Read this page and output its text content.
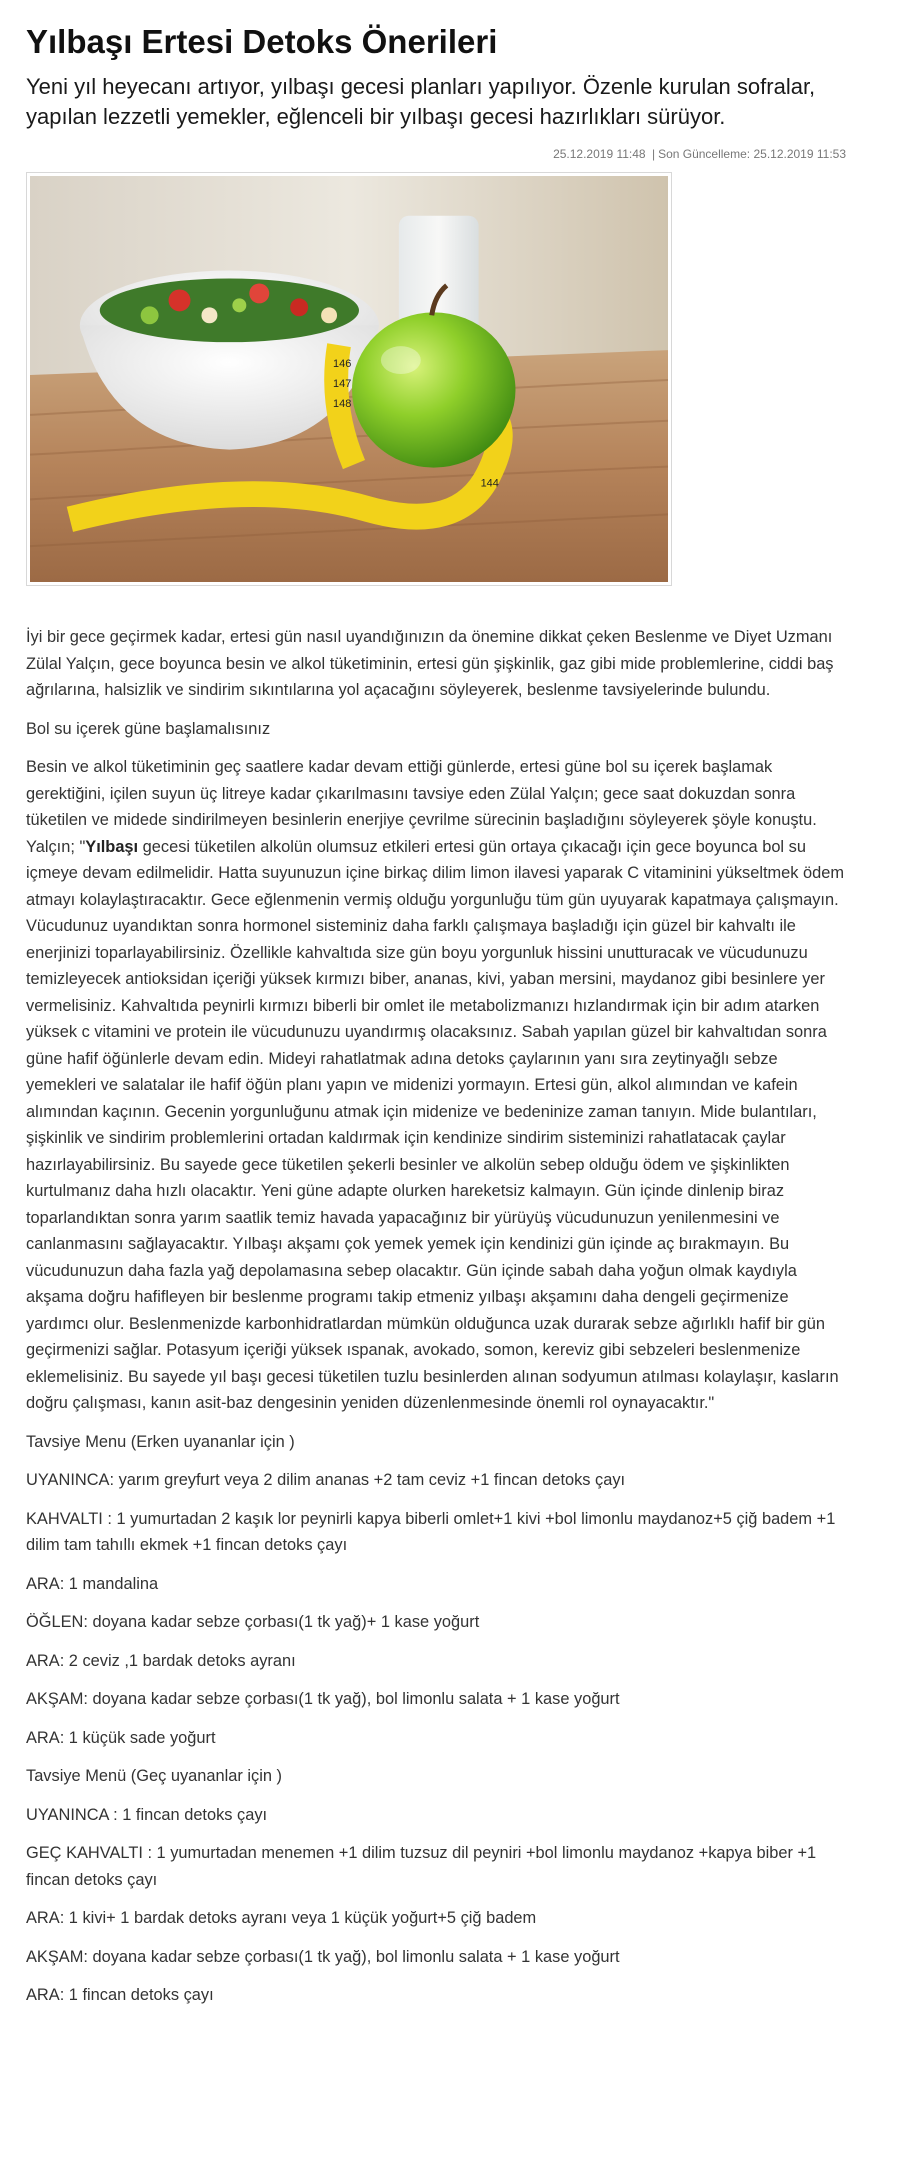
Yılbaşı Ertesi Detoks Önerileri
Yeni yıl heyecanı artıyor, yılbaşı gecesi planları yapılıyor. Özenle kurulan sofralar, yapılan lezzetli yemekler, eğlenceli bir yılbaşı gecesi hazırlıkları sürüyor.
25.12.2019 11:48 | Son Güncelleme: 25.12.2019 11:53
146
147
148
144

İyi bir gece geçirmek kadar, ertesi gün nasıl uyandığınızın da önemine dikkat çeken Beslenme ve Diyet Uzmanı Zülal Yalçın, gece boyunca besin ve alkol tüketiminin, ertesi gün şişkinlik, gaz gibi mide problemlerine, ciddi baş ağrılarına, halsizlik ve sindirim sıkıntılarına yol açacağını söyleyerek, beslenme tavsiyelerinde bulundu.

Bol su içerek güne başlamalısınız

Besin ve alkol tüketiminin geç saatlere kadar devam ettiği günlerde, ertesi güne bol su içerek başlamak gerektiğini, içilen suyun üç litreye kadar çıkarılmasını tavsiye eden Zülal Yalçın; gece saat dokuzdan sonra tüketilen ve midede sindirilmeyen besinlerin enerjiye çevrilme sürecinin başladığını söyleyerek şöyle konuştu. Yalçın; "Yılbaşı gecesi tüketilen alkolün olumsuz etkileri ertesi gün ortaya çıkacağı için gece boyunca bol su içmeye devam edilmelidir. Hatta suyunuzun içine birkaç dilim limon ilavesi yaparak C vitaminini yükseltmek ödem atmayı kolaylaştıracaktır. Gece eğlenmenin vermiş olduğu yorgunluğu tüm gün uyuyarak kapatmaya çalışmayın. Vücudunuz uyandıktan sonra hormonel sisteminiz daha farklı çalışmaya başladığı için güzel bir kahvaltı ile enerjinizi toparlayabilirsiniz. Özellikle kahvaltıda size gün boyu yorgunluk hissini unutturacak ve vücudunuzu temizleyecek antioksidan içeriği yüksek kırmızı biber, ananas, kivi, yaban mersini, maydanoz gibi besinlere yer vermelisiniz. Kahvaltıda peynirli kırmızı biberli bir omlet ile metabolizmanızı hızlandırmak için bir adım atarken yüksek c vitamini ve protein ile vücudunuzu uyandırmış olacaksınız. Sabah yapılan güzel bir kahvaltıdan sonra güne hafif öğünlerle devam edin. Mideyi rahatlatmak adına detoks çaylarının yanı sıra zeytinyağlı sebze yemekleri ve salatalar ile hafif öğün planı yapın ve midenizi yormayın. Ertesi gün, alkol alımından ve kafein alımından kaçının. Gecenin yorgunluğunu atmak için midenize ve bedeninize zaman tanıyın. Mide bulantıları, şişkinlik ve sindirim problemlerini ortadan kaldırmak için kendinize sindirim sisteminizi rahatlatacak çaylar hazırlayabilirsiniz. Bu sayede gece tüketilen şekerli besinler ve alkolün sebep olduğu ödem ve şişkinlikten kurtulmanız daha hızlı olacaktır. Yeni güne adapte olurken hareketsiz kalmayın. Gün içinde dinlenip biraz toparlandıktan sonra yarım saatlik temiz havada yapacağınız bir yürüyüş vücudunuzun yenilenmesini ve canlanmasını sağlayacaktır. Yılbaşı akşamı çok yemek yemek için kendinizi gün içinde aç bırakmayın. Bu vücudunuzun daha fazla yağ depolamasına sebep olacaktır. Gün içinde sabah daha yoğun olmak kaydıyla akşama doğru hafifleyen bir beslenme programı takip etmeniz yılbaşı akşamını daha dengeli geçirmenize yardımcı olur. Beslenmenizde karbonhidratlardan mümkün olduğunca uzak durarak sebze ağırlıklı hafif bir gün geçirmenizi sağlar. Potasyum içeriği yüksek ıspanak, avokado, somon, kereviz gibi sebzeleri beslenmenize eklemelisiniz. Bu sayede yıl başı gecesi tüketilen tuzlu besinlerden alınan sodyumun atılması kolaylaşır, kasların doğru çalışması, kanın asit-baz dengesinin yeniden düzenlenmesinde önemli rol oynayacaktır."

Tavsiye Menu (Erken uyananlar için )

UYANINCA: yarım greyfurt veya 2 dilim ananas +2 tam ceviz +1 fincan detoks çayı

KAHVALTI : 1 yumurtadan 2 kaşık lor peynirli kapya biberli omlet+1 kivi +bol limonlu maydanoz+5 çiğ badem +1 dilim tam tahıllı ekmek +1 fincan detoks çayı

ARA: 1 mandalina

ÖĞLEN: doyana kadar sebze çorbası(1 tk yağ)+ 1 kase yoğurt

ARA: 2 ceviz ,1 bardak detoks ayranı

AKŞAM: doyana kadar sebze çorbası(1 tk yağ), bol limonlu salata + 1 kase yoğurt

ARA: 1 küçük sade yoğurt

Tavsiye Menü (Geç uyananlar için )

UYANINCA : 1 fincan detoks çayı

GEÇ KAHVALTI : 1 yumurtadan menemen +1 dilim tuzsuz dil peyniri +bol limonlu maydanoz +kapya biber +1 fincan detoks çayı

ARA: 1 kivi+ 1 bardak detoks ayranı veya 1 küçük yoğurt+5 çiğ badem

AKŞAM: doyana kadar sebze çorbası(1 tk yağ), bol limonlu salata + 1 kase yoğurt

ARA: 1 fincan detoks çayı
